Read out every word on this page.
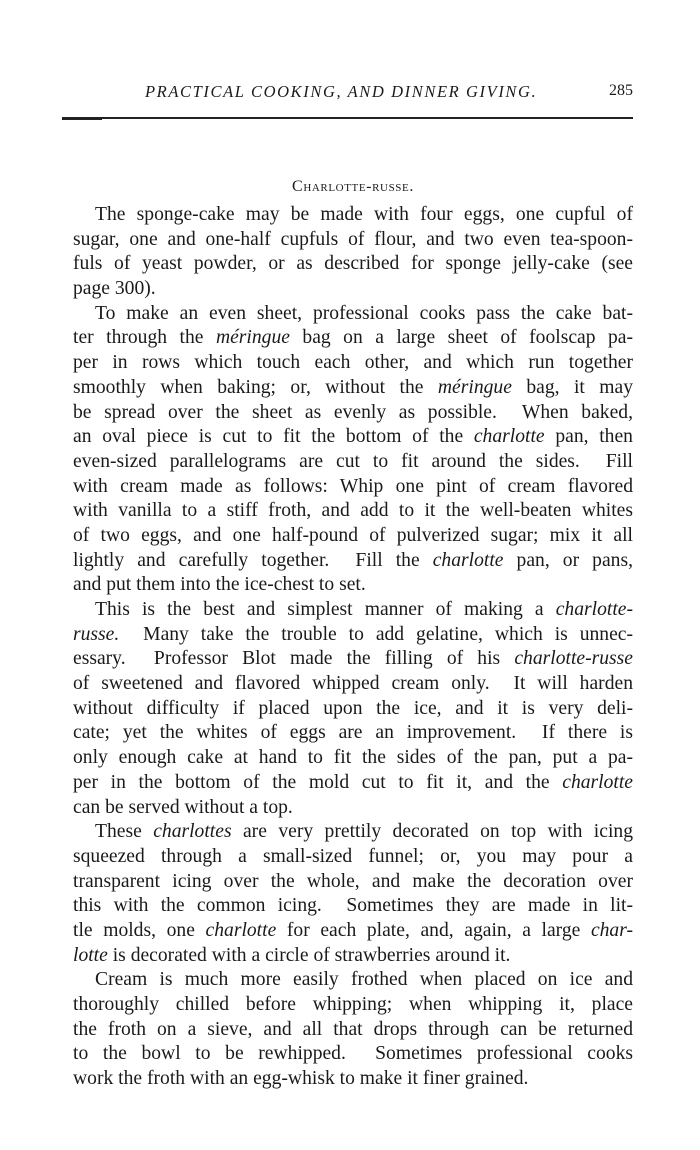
PRACTICAL COOKING, AND DINNER GIVING.	285
Charlotte-russe.
The sponge-cake may be made with four eggs, one cupful of
sugar, one and one-half cupfuls of flour, and two even tea-spoon-
fuls of yeast powder, or as described for sponge jelly-cake (see
page 300).
To make an even sheet, professional cooks pass the cake bat-
ter through the méringue bag on a large sheet of foolscap pa-
per in rows which touch each other, and which run together
smoothly when baking; or, without the méringue bag, it may
be spread over the sheet as evenly as possible.  When baked,
an oval piece is cut to fit the bottom of the charlotte pan, then
even-sized parallelograms are cut to fit around the sides.  Fill
with cream made as follows: Whip one pint of cream flavored
with vanilla to a stiff froth, and add to it the well-beaten whites
of two eggs, and one half-pound of pulverized sugar; mix it all
lightly and carefully together.  Fill the charlotte pan, or pans,
and put them into the ice-chest to set.
This is the best and simplest manner of making a charlotte-
russe.  Many take the trouble to add gelatine, which is unnec-
essary.  Professor Blot made the filling of his charlotte-russe
of sweetened and flavored whipped cream only.  It will harden
without difficulty if placed upon the ice, and it is very deli-
cate; yet the whites of eggs are an improvement.  If there is
only enough cake at hand to fit the sides of the pan, put a pa-
per in the bottom of the mold cut to fit it, and the charlotte
can be served without a top.
These charlottes are very prettily decorated on top with icing
squeezed through a small-sized funnel; or, you may pour a
transparent icing over the whole, and make the decoration over
this with the common icing.  Sometimes they are made in lit-
tle molds, one charlotte for each plate, and, again, a large char-
lotte is decorated with a circle of strawberries around it.
Cream is much more easily frothed when placed on ice and
thoroughly chilled before whipping; when whipping it, place
the froth on a sieve, and all that drops through can be returned
to the bowl to be rewhipped.  Sometimes professional cooks
work the froth with an egg-whisk to make it finer grained.
